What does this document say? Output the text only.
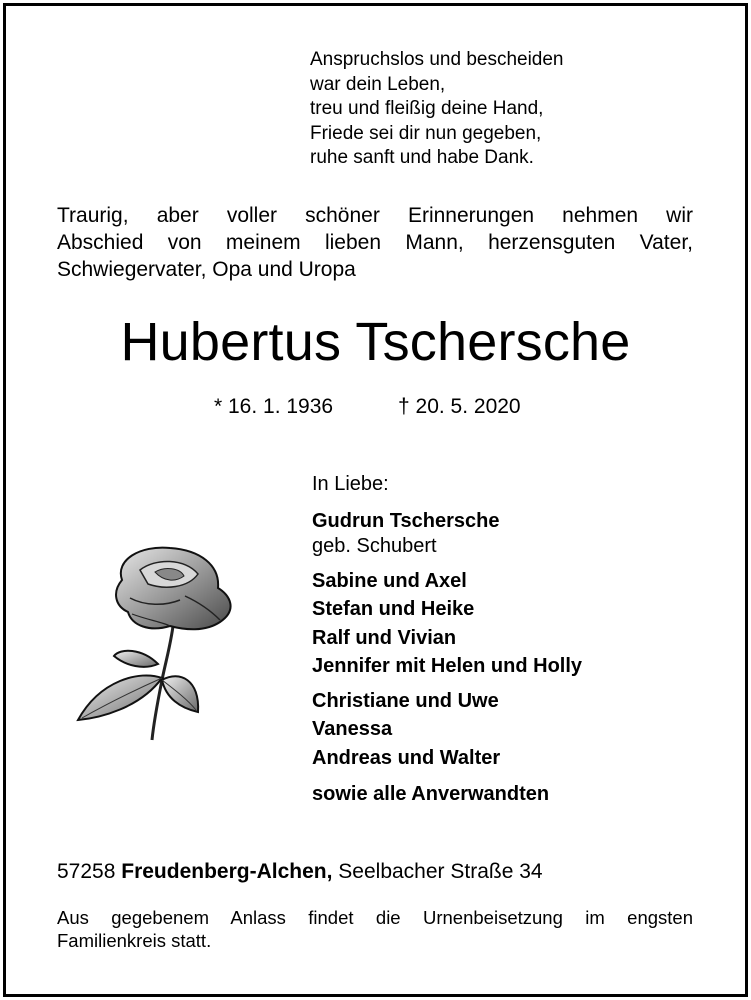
Anspruchslos und bescheiden
war dein Leben,
treu und fleißig deine Hand,
Friede sei dir nun gegeben,
ruhe sanft und habe Dank.
Traurig, aber voller schöner Erinnerungen nehmen wir
Abschied von meinem lieben Mann, herzensguten Vater,
Schwiegervater, Opa und Uropa
Hubertus Tschersche
* 16. 1. 1936	† 20. 5. 2020
In Liebe:
Gudrun Tschersche
geb. Schubert
Sabine und Axel
Stefan und Heike
Ralf und Vivian
Jennifer mit Helen und Holly
Christiane und Uwe
Vanessa
Andreas und Walter
sowie alle Anverwandten
57258 Freudenberg-Alchen, Seelbacher Straße 34
Aus gegebenem Anlass findet die Urnenbeisetzung im engsten
Familienkreis statt.
